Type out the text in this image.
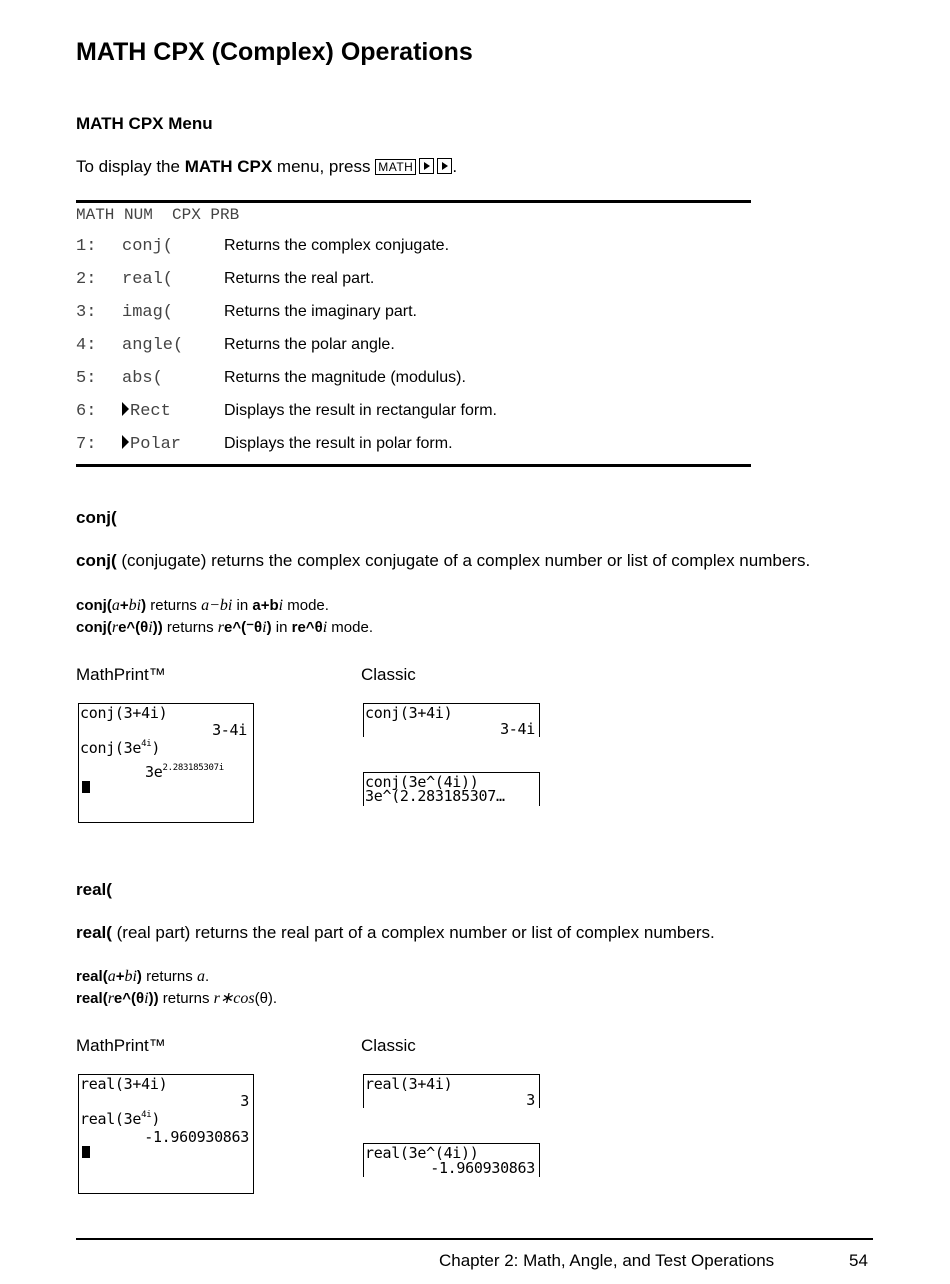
MATH CPX (Complex) Operations
MATH CPX Menu
To display the MATH CPX menu, press MATH .
MATH NUM  CPX PRB
1: conj(	Returns the complex conjugate.
2: real(	Returns the real part.
3: imag(	Returns the imaginary part.
4: angle(	Returns the polar angle.
5: abs(	Returns the magnitude (modulus).
6:	Rect	Displays the result in rectangular form.
7:	Polar	Displays the result in polar form.
conj(
conj( (conjugate) returns the complex conjugate of a complex number or list of complex numbers.
conj(a+bi) returns a−bi in a+bi mode.
conj(re^(θi)) returns re^(⁻θi) in re^θi mode.
MathPrint™	Classic
conj(3+4i)
3-4i
$conj(3e^{4i})$
$3e^{2.283185307i}$
conj(3+4i)
3-4i
conj(3e^(4i))
3e^(2.283185307…
real(
real( (real part) returns the real part of a complex number or list of complex numbers.
real(a+bi) returns a.
real(re^(θi)) returns r∗cos(θ).
MathPrint™	Classic
real(3+4i)
3
$real(3e^{4i})$
-1.960930863
real(3+4i)
3
real(3e^(4i))
-1.960930863
Chapter 2: Math, Angle, and Test Operations	54
